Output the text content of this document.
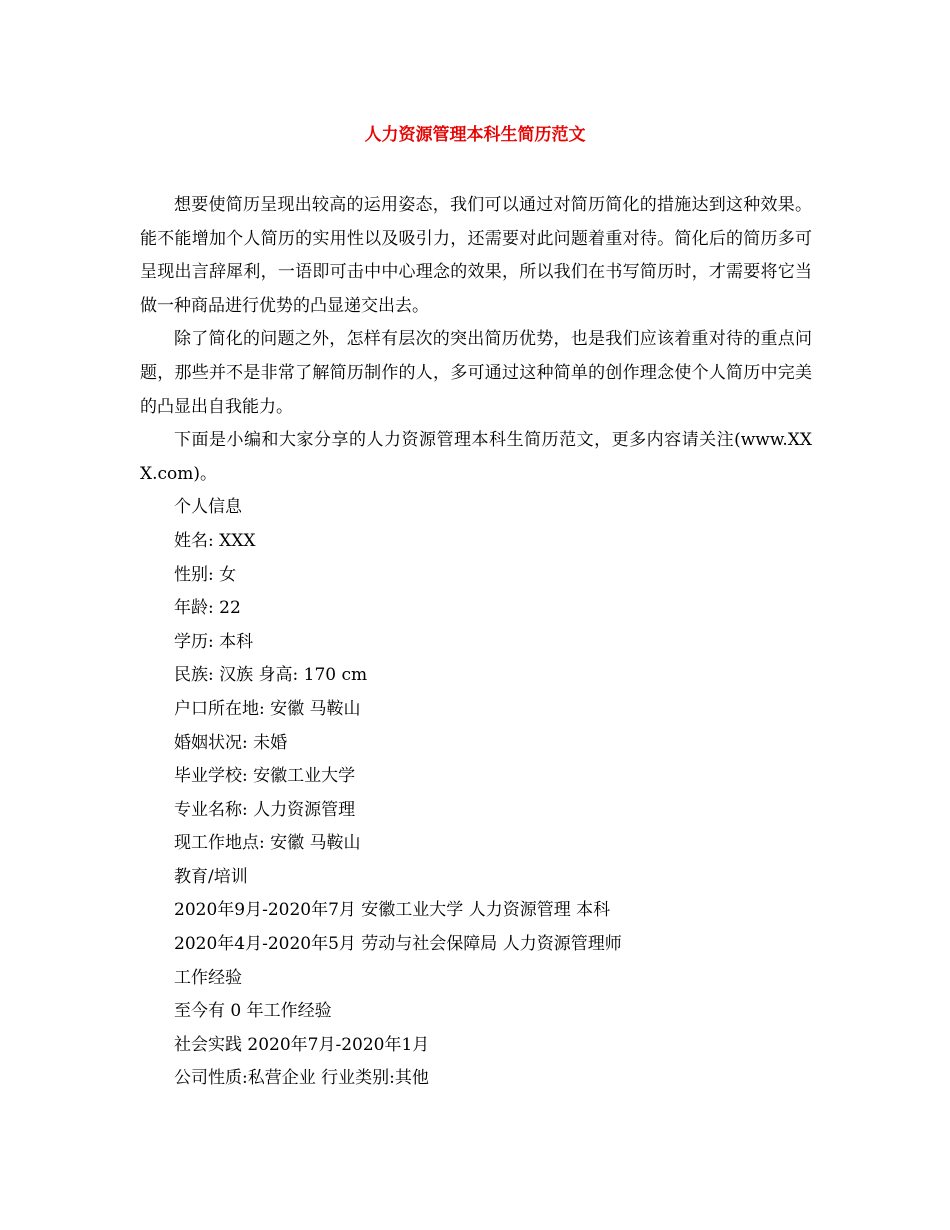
人力资源管理本科生简历范文

想要使简历呈现出较高的运用姿态，我们可以通过对简历简化的措施达到这种效果。能不能增加个人简历的实用性以及吸引力，还需要对此问题着重对待。简化后的简历多可呈现出言辞犀利，一语即可击中中心理念的效果，所以我们在书写简历时，才需要将它当做一种商品进行优势的凸显递交出去。

除了简化的问题之外，怎样有层次的突出简历优势，也是我们应该着重对待的重点问题，那些并不是非常了解简历制作的人，多可通过这种简单的创作理念使个人简历中完美的凸显出自我能力。

下面是小编和大家分享的人力资源管理本科生简历范文，更多内容请关注(www.XXX.com)。

个人信息

姓名: XXX

性别: 女

年龄: 22

学历: 本科

民族: 汉族 身高: 170 cm

户口所在地: 安徽 马鞍山

婚姻状况: 未婚

毕业学校: 安徽工业大学

专业名称: 人力资源管理

现工作地点: 安徽 马鞍山

教育/培训

2020年9月-2020年7月 安徽工业大学 人力资源管理 本科

2020年4月-2020年5月 劳动与社会保障局 人力资源管理师

工作经验

至今有 0 年工作经验

社会实践 2020年7月-2020年1月

公司性质:私营企业 行业类别:其他
